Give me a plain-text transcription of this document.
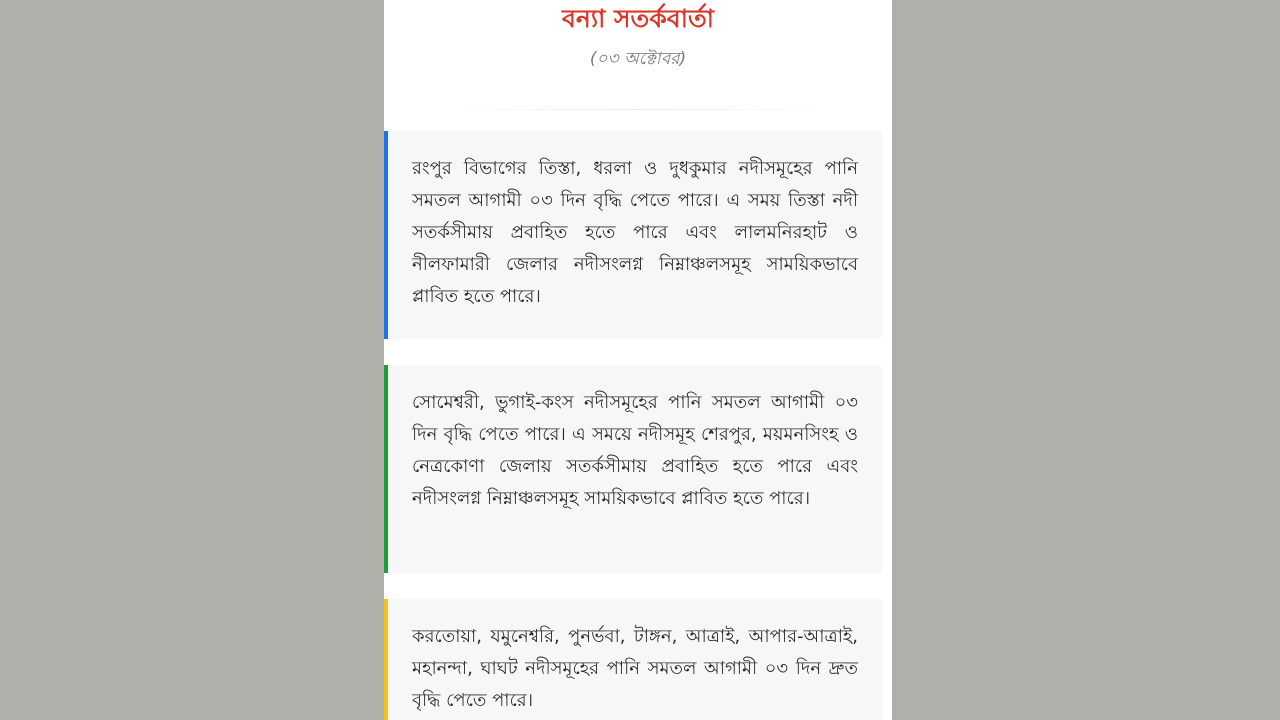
বন্যা সতর্কবার্তা
(০৩ অক্টোবর)

রংপুর বিভাগের তিস্তা, ধরলা ও দুধকুমার নদীসমূহের পানি সমতল আগামী ০৩ দিন বৃদ্ধি পেতে পারে। এ সময় তিস্তা নদী সতর্কসীমায় প্রবাহিত হতে পারে এবং লালমনিরহাট ও নীলফামারী জেলার নদীসংলগ্ন নিম্নাঞ্চলসমূহ সাময়িকভাবে প্লাবিত হতে পারে।

সোমেশ্বরী, ভুগাই-কংস নদীসমূহের পানি সমতল আগামী ০৩ দিন বৃদ্ধি পেতে পারে। এ সময়ে নদীসমূহ শেরপুর, ময়মনসিংহ ও নেত্রকোণা জেলায় সতর্কসীমায় প্রবাহিত হতে পারে এবং নদীসংলগ্ন নিম্নাঞ্চলসমূহ সাময়িকভাবে প্লাবিত হতে পারে।

করতোয়া, যমুনেশ্বরি, পুনর্ভবা, টাঙ্গন, আত্রাই, আপার-আত্রাই, মহানন্দা, ঘাঘট নদীসমূহের পানি সমতল আগামী ০৩ দিন দ্রুত বৃদ্ধি পেতে পারে।
